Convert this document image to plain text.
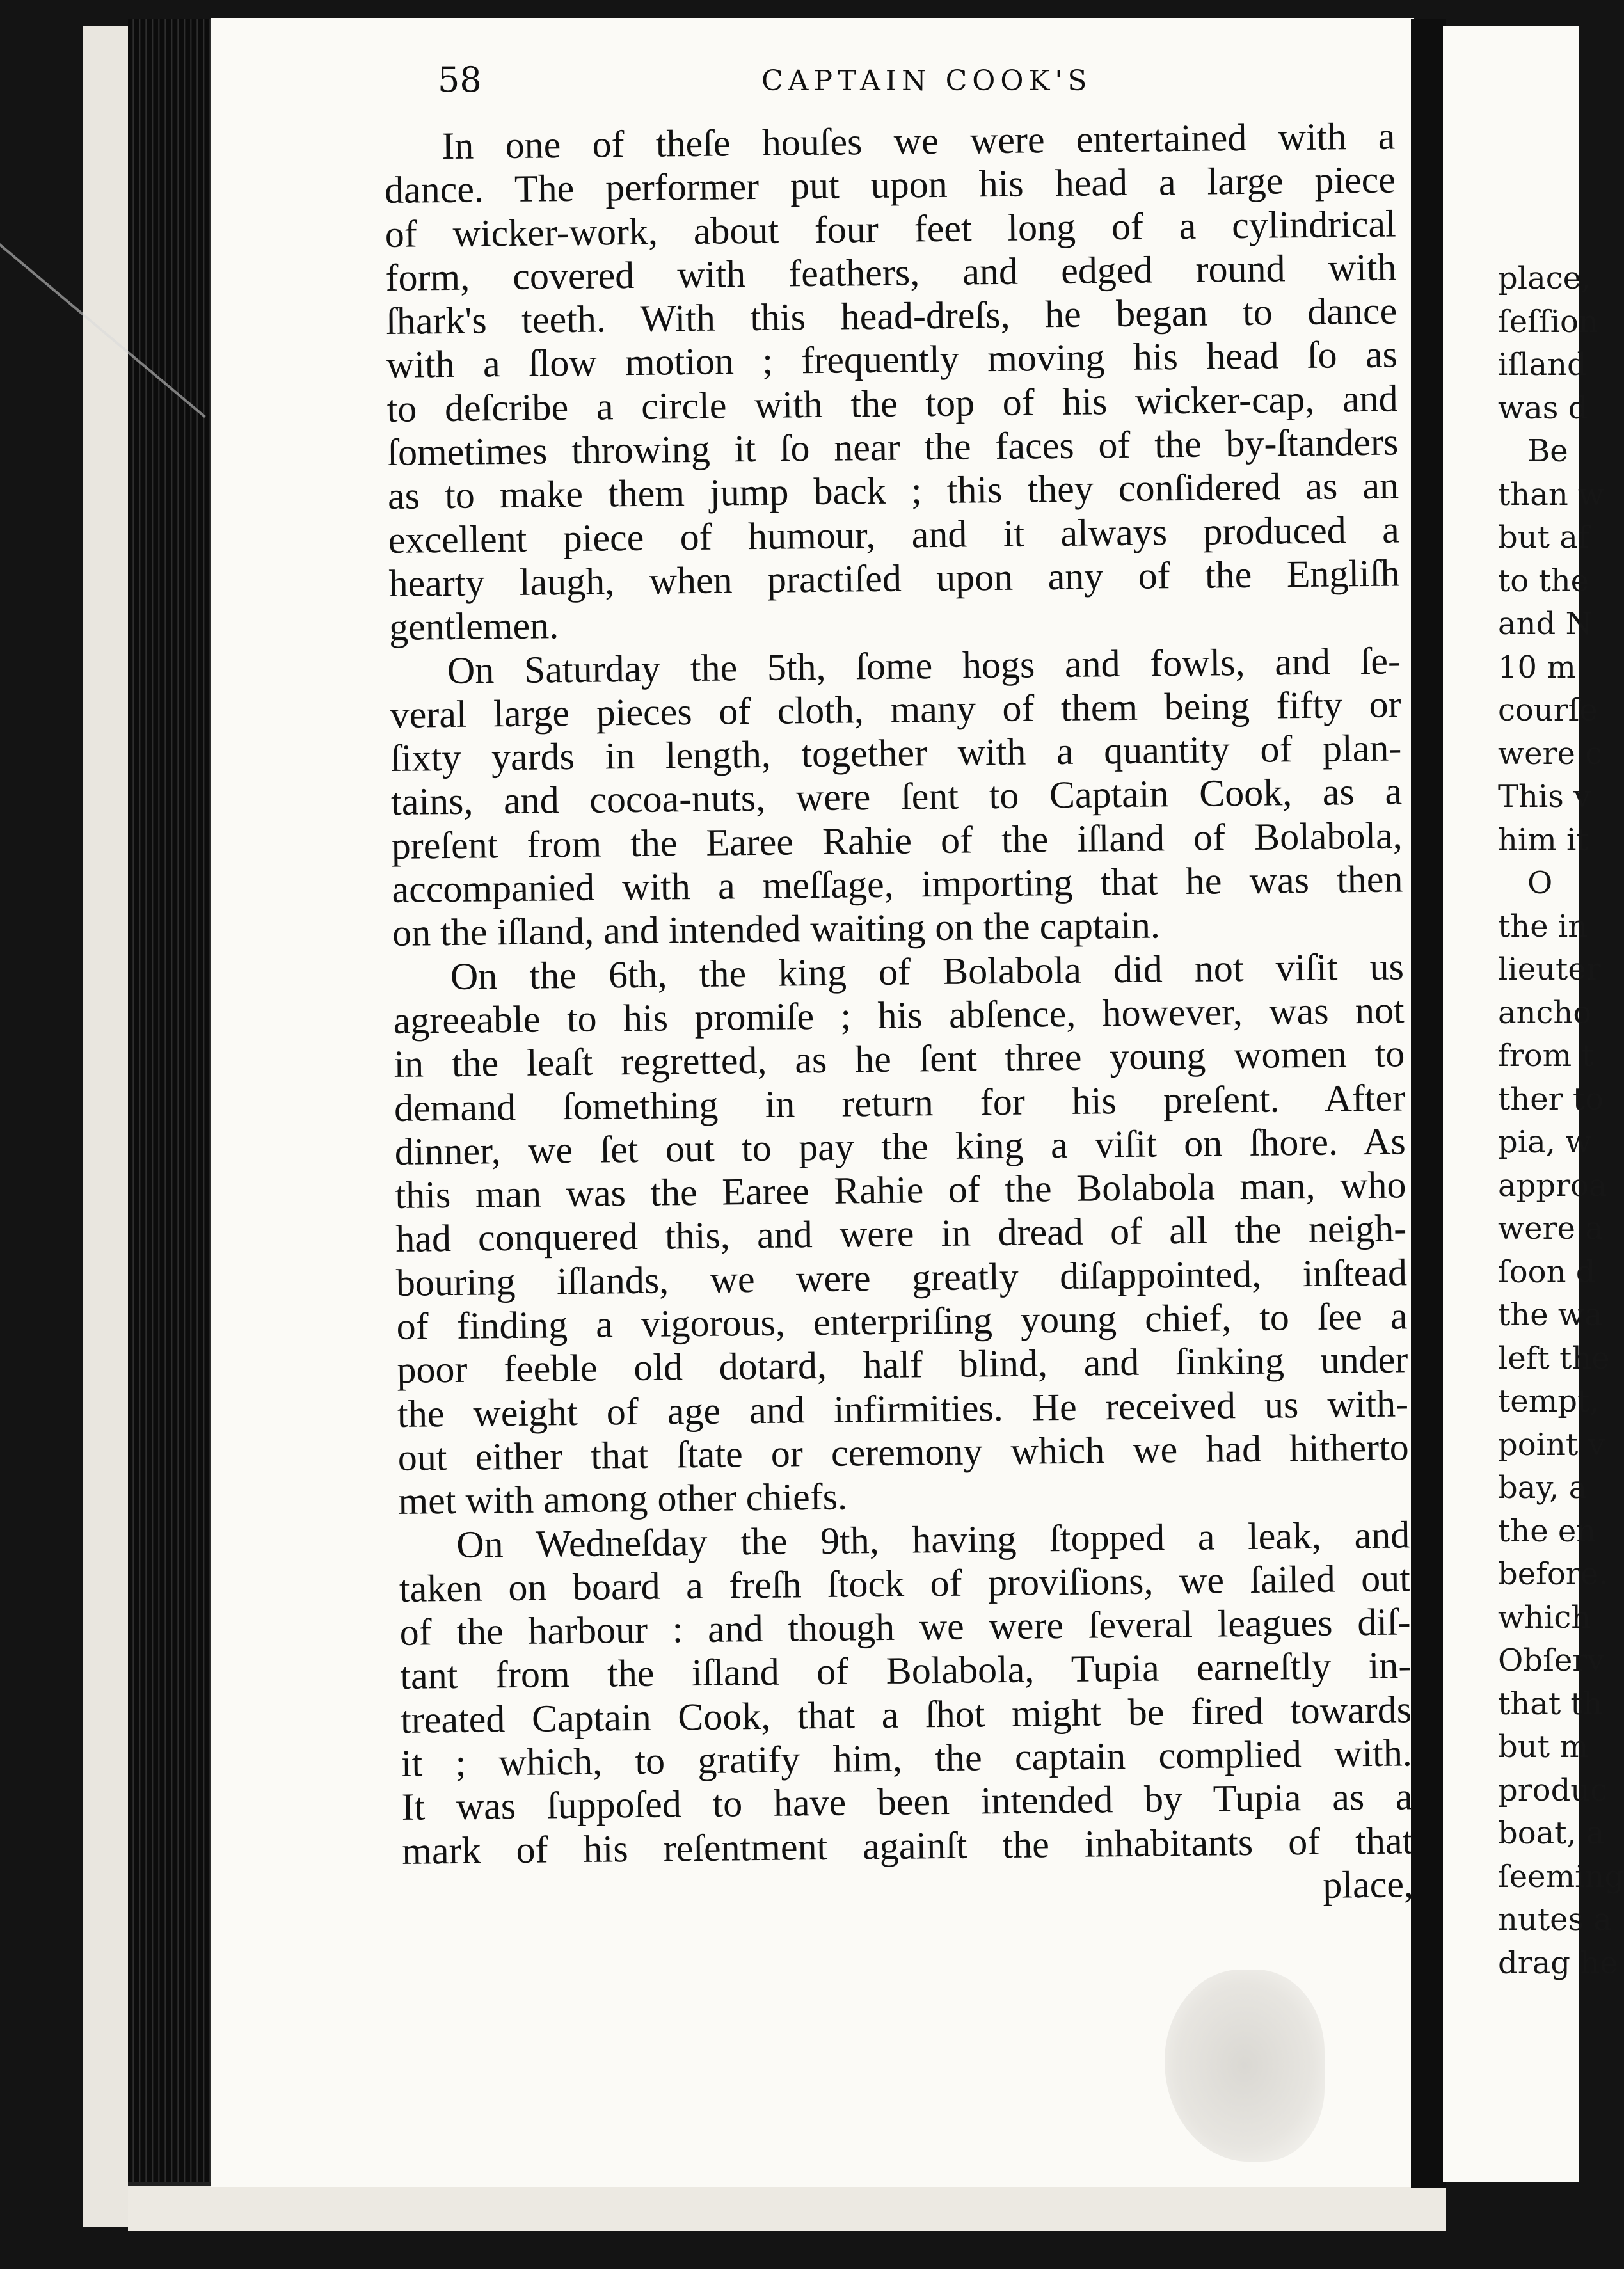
place,
ſeſſion
iſland
was d
Be
than w
but af
to the
and N
10 m
courſe
were c
This v
him it
O
the in
lieuter
ancho
from t
ther to
pia, w
approa
were a
ſoon d
the wa
left the
tempt,
point v
bay, a
the en
before.
which
Obſerv
that th
but m
produc
boat, a
ſeeming
nutes a
drag he
58	CAPTAIN COOK'S
In one of theſe houſes we were entertained with a
dance. The performer put upon his head a large piece
of wicker-work, about four feet long of a cylindrical
form, covered with feathers, and edged round with
ſhark's teeth. With this head-dreſs, he began to dance
with a ſlow motion ; frequently moving his head ſo as
to deſcribe a circle with the top of his wicker-cap, and
ſometimes throwing it ſo near the faces of the by-ſtanders
as to make them jump back ; this they conſidered as an
excellent piece of humour, and it always produced a
hearty laugh, when practiſed upon any of the Engliſh
gentlemen.
On Saturday the 5th, ſome hogs and fowls, and ſe-
veral large pieces of cloth, many of them being fifty or
ſixty yards in length, together with a quantity of plan-
tains, and cocoa-nuts, were ſent to Captain Cook, as a
preſent from the Earee Rahie of the iſland of Bolabola,
accompanied with a meſſage, importing that he was then
on the iſland, and intended waiting on the captain.
On the 6th, the king of Bolabola did not viſit us
agreeable to his promiſe ; his abſence, however, was not
in the leaſt regretted, as he ſent three young women to
demand ſomething in return for his preſent. After
dinner, we ſet out to pay the king a viſit on ſhore. As
this man was the Earee Rahie of the Bolabola man, who
had conquered this, and were in dread of all the neigh-
bouring iſlands, we were greatly diſappointed, inſtead
of finding a vigorous, enterpriſing young chief, to ſee a
poor feeble old dotard, half blind, and ſinking under
the weight of age and infirmities. He received us with-
out either that ſtate or ceremony which we had hitherto
met with among other chiefs.
On Wedneſday the 9th, having ſtopped a leak, and
taken on board a freſh ſtock of proviſions, we ſailed out
of the harbour : and though we were ſeveral leagues diſ-
tant from the iſland of Bolabola, Tupia earneſtly in-
treated Captain Cook, that a ſhot might be fired towards
it ; which, to gratify him, the captain complied with.
It was ſuppoſed to have been intended by Tupia as a
mark of his reſentment againſt the inhabitants of that
place,
